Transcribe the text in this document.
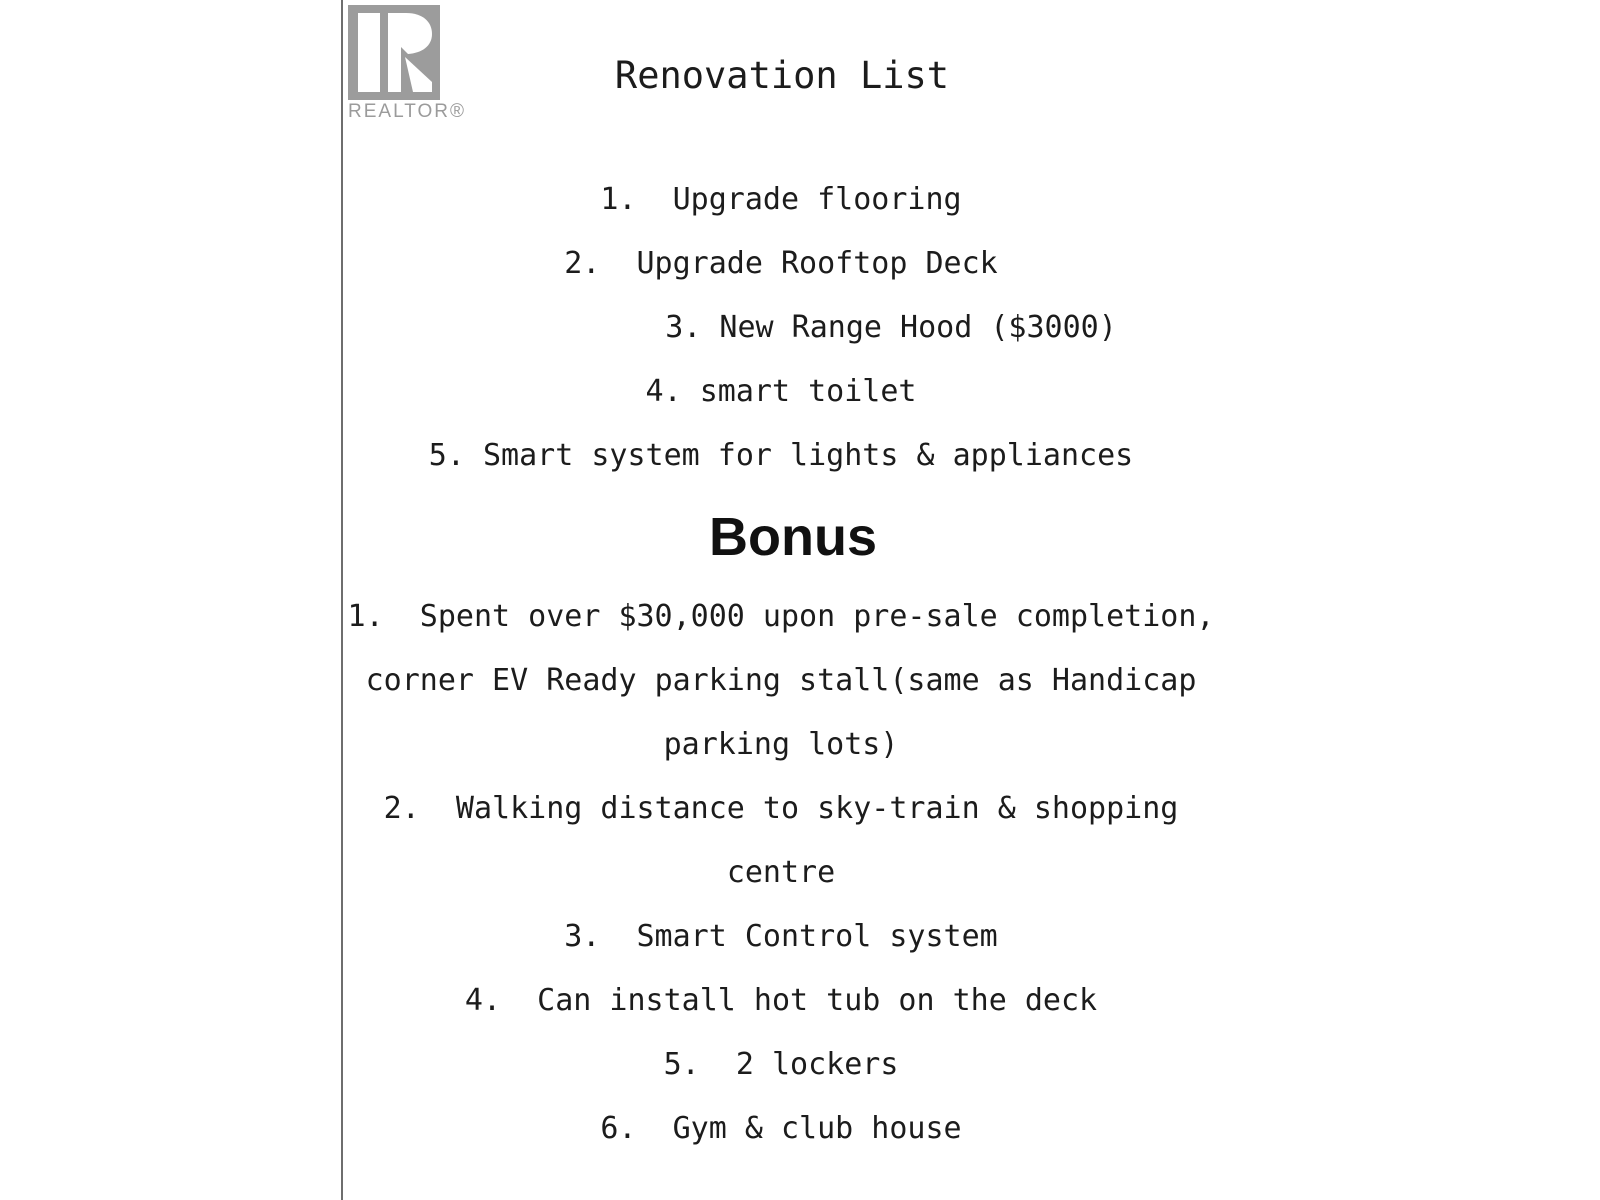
REALTOR®
Renovation List
1.  Upgrade flooring
2.  Upgrade Rooftop Deck
3. New Range Hood ($3000)
4. smart toilet
5. Smart system for lights & appliances
Bonus
1.  Spent over $30,000 upon pre-sale completion,
corner EV Ready parking stall(same as Handicap
parking lots)
2.  Walking distance to sky-train & shopping
centre
3.  Smart Control system
4.  Can install hot tub on the deck
5.  2 lockers
6.  Gym & club house
